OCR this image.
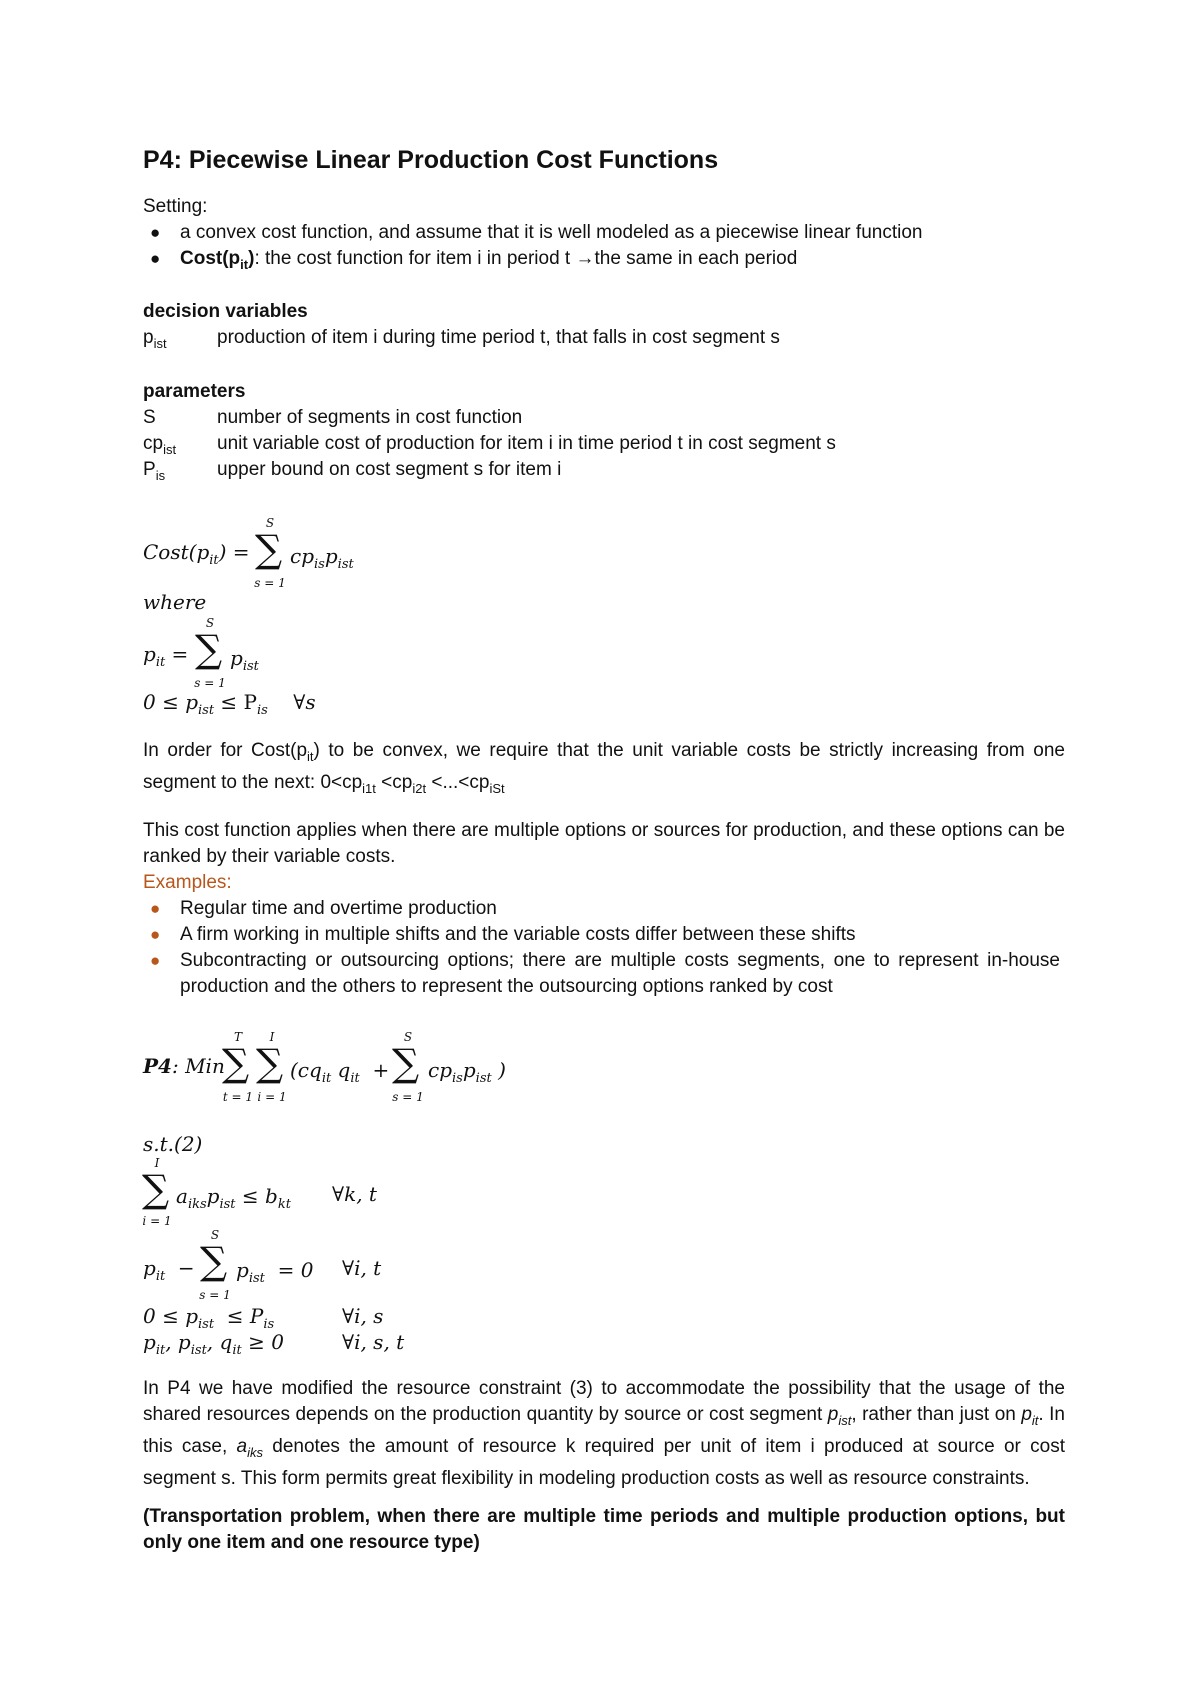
P4: Piecewise Linear Production Cost Functions
Setting:
● a convex cost function, and assume that it is well modeled as a piecewise linear function
● $Cost(p_{it})$: the cost function for item i in period t →the same in each period
decision variables
$p_{ist}$	production of item i during time period t, that falls in cost segment s
parameters
S	number of segments in cost function
$cp_{ist}$ unit variable cost of production for item i in time period t in cost segment s
$P_{is}$	upper bound on cost segment s for item i
$Cost(p_{it})$ =
S
∑
s = 1
$cp_{is}p_{ist}$
where
$p_{it}$ =
S
∑
s = 1
$p_{ist}$
$0 \le p_{ist} \le P_{is}$    ∀s
In order for $Cost(p_{it})$ to be convex, we require that the unit variable costs be strictly increasing from one segment to the next: $0<cp_{i1t} <cp_{i2t} <...<cp_{iSt}$
This cost function applies when there are multiple options or sources for production, and these options can be ranked by their variable costs.
Examples:
● Regular time and overtime production
● A firm working in multiple shifts and the variable costs differ between these shifts
●	Subcontracting or outsourcing options; there are multiple costs segments, one to represent in-house production and the others to represent the outsourcing options ranked by cost
P4: Min
T
∑
t = 1
I
∑
i = 1
($cq_{it}$ $q_{it}$  +
S
∑
s = 1
$cp_{is}p_{ist}$ )
s.t.(2)
I
∑
i = 1
$a_{iks}p_{ist} \le b_{kt}$ ∀k, t
$p_{it}$  −
S
∑
s = 1
$p_{ist} = 0$ ∀i, t
$0 \le p_{ist} \le P_{is}$	∀i, s
$p_{it}$, $p_{ist}$, $q_{it} \ge 0$	∀i, s, t
In P4 we have modified the resource constraint (3) to accommodate the possibility that the usage of the shared resources depends on the production quantity by source or cost segment $p_{ist}$, rather than just on $p_{it}$. In this case, $a_{iks}$ denotes the amount of resource k required per unit of item i produced at source or cost segment s. This form permits great flexibility in modeling production costs as well as resource constraints.
(Transportation problem, when there are multiple time periods and multiple production options, but only one item and one resource type)
